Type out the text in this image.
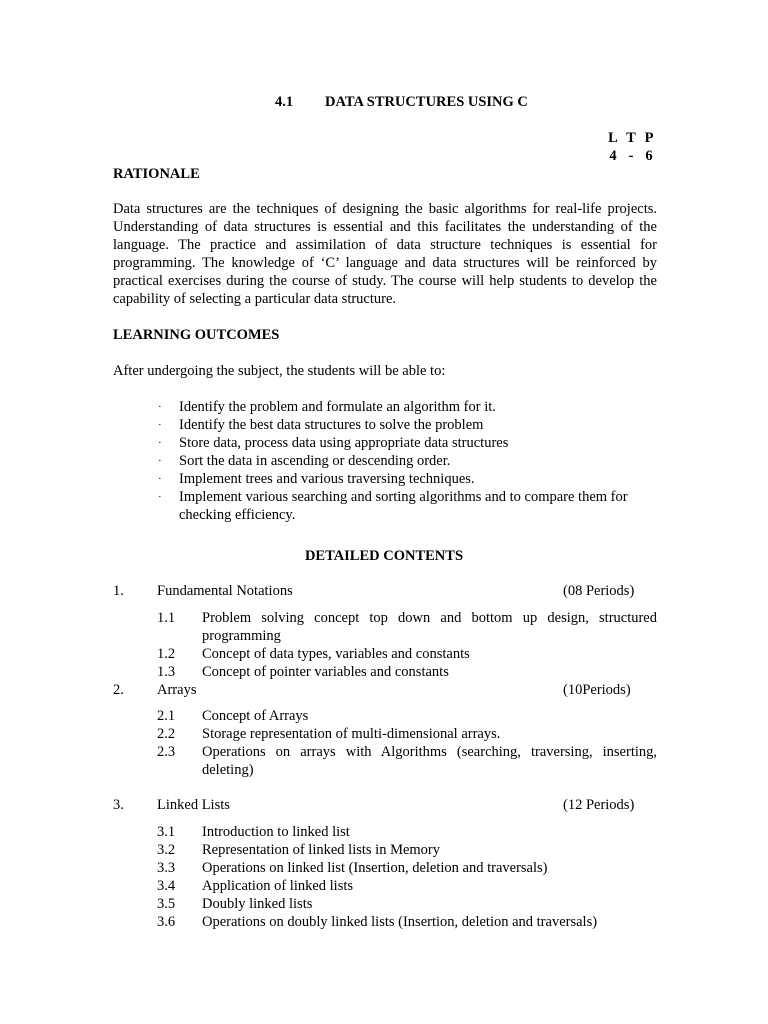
4.1 DATA STRUCTURES USING C
L T P
4 - 6
RATIONALE
Data structures are the techniques of designing the basic algorithms for real-life projects. Understanding of data structures is essential and this facilitates the understanding of the language. The practice and assimilation of data structure techniques is essential for programming. The knowledge of ‘C’ language and data structures will be reinforced by practical exercises during the course of study. The course will help students to develop the capability of selecting a particular data structure.
LEARNING OUTCOMES
After undergoing the subject, the students will be able to:
· Identify the problem and formulate an algorithm for it.
· Identify the best data structures to solve the problem
· Store data, process data using appropriate data structures
· Sort the data in ascending or descending order.
· Implement trees and various traversing techniques.
· Implement various searching and sorting algorithms and to compare them for checking efficiency.
DETAILED CONTENTS
1. Fundamental Notations	(08 Periods)
1.1 Problem solving concept top down and bottom up design, structured programming
1.2 Concept of data types, variables and constants
1.3 Concept of pointer variables and constants
2. Arrays	(10Periods)
2.1 Concept of Arrays
2.2 Storage representation of multi-dimensional arrays.
2.3 Operations on arrays with Algorithms (searching, traversing, inserting, deleting)
3. Linked Lists	(12 Periods)
3.1 Introduction to linked list
3.2 Representation of linked lists in Memory
3.3 Operations on linked list (Insertion, deletion and traversals)
3.4 Application of linked lists
3.5 Doubly linked lists
3.6 Operations on doubly linked lists (Insertion, deletion and traversals)
